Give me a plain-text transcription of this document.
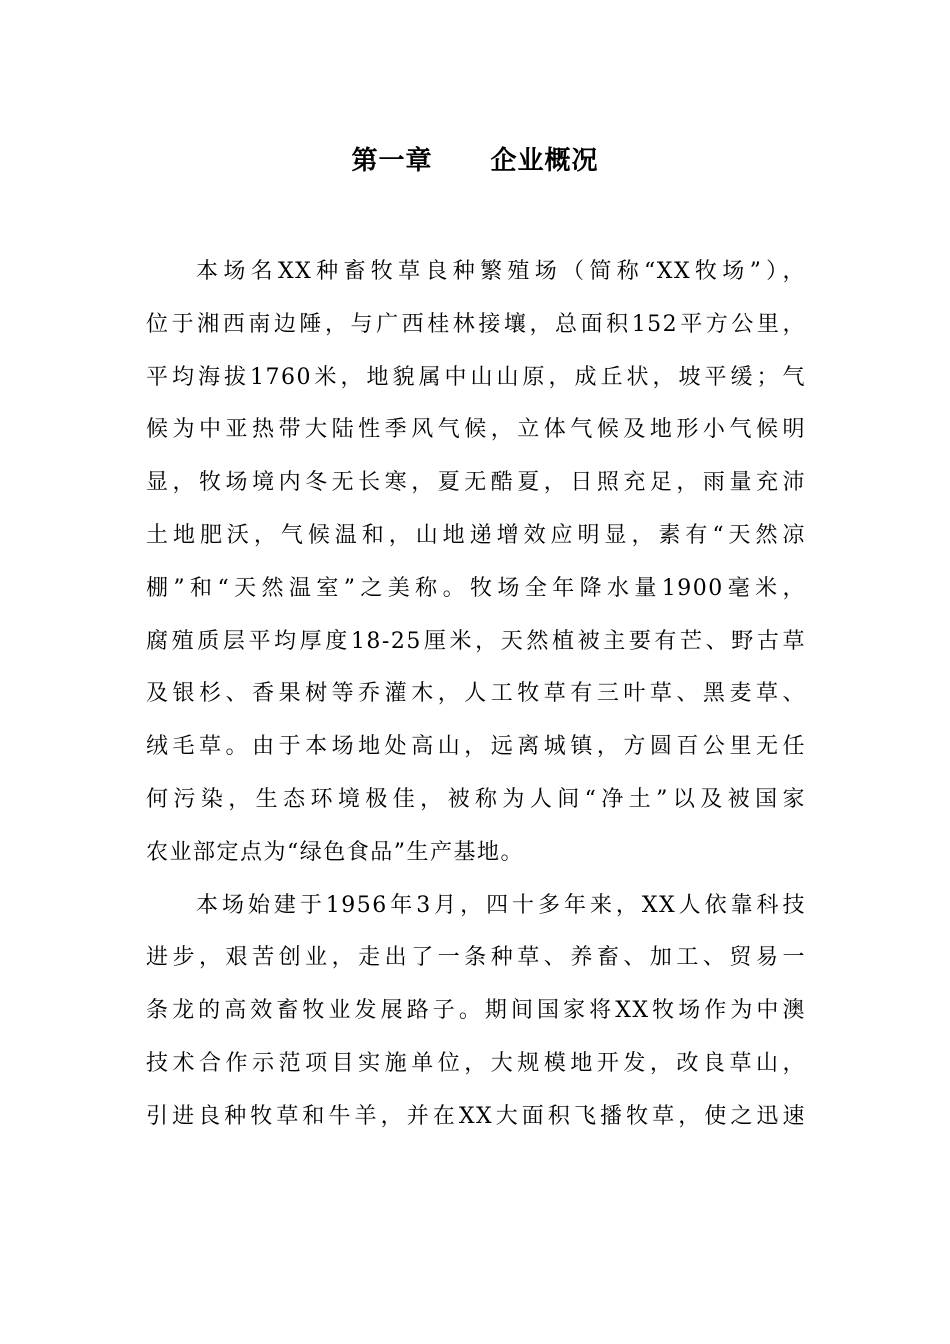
第一章 企业概况
本场名XX种畜牧草良种繁殖场（简称“XX牧场”），
位于湘西南边陲，与广西桂林接壤，总面积152平方公里，
平均海拔1760米，地貌属中山山原，成丘状，坡平缓；气
候为中亚热带大陆性季风气候，立体气候及地形小气候明
显，牧场境内冬无长寒，夏无酷夏，日照充足，雨量充沛
土地肥沃，气候温和，山地递增效应明显，素有“天然凉
棚”和“天然温室”之美称。牧场全年降水量1900毫米，
腐殖质层平均厚度18-25厘米，天然植被主要有芒、野古草
及银杉、香果树等乔灌木，人工牧草有三叶草、黑麦草、
绒毛草。由于本场地处高山，远离城镇，方圆百公里无任
何污染，生态环境极佳，被称为人间“净土”以及被国家
农业部定点为“绿色食品”生产基地。
本场始建于1956年3月，四十多年来，XX人依靠科技
进步，艰苦创业，走出了一条种草、养畜、加工、贸易一
条龙的高效畜牧业发展路子。期间国家将XX牧场作为中澳
技术合作示范项目实施单位，大规模地开发，改良草山，
引进良种牧草和牛羊，并在XX大面积飞播牧草，使之迅速
